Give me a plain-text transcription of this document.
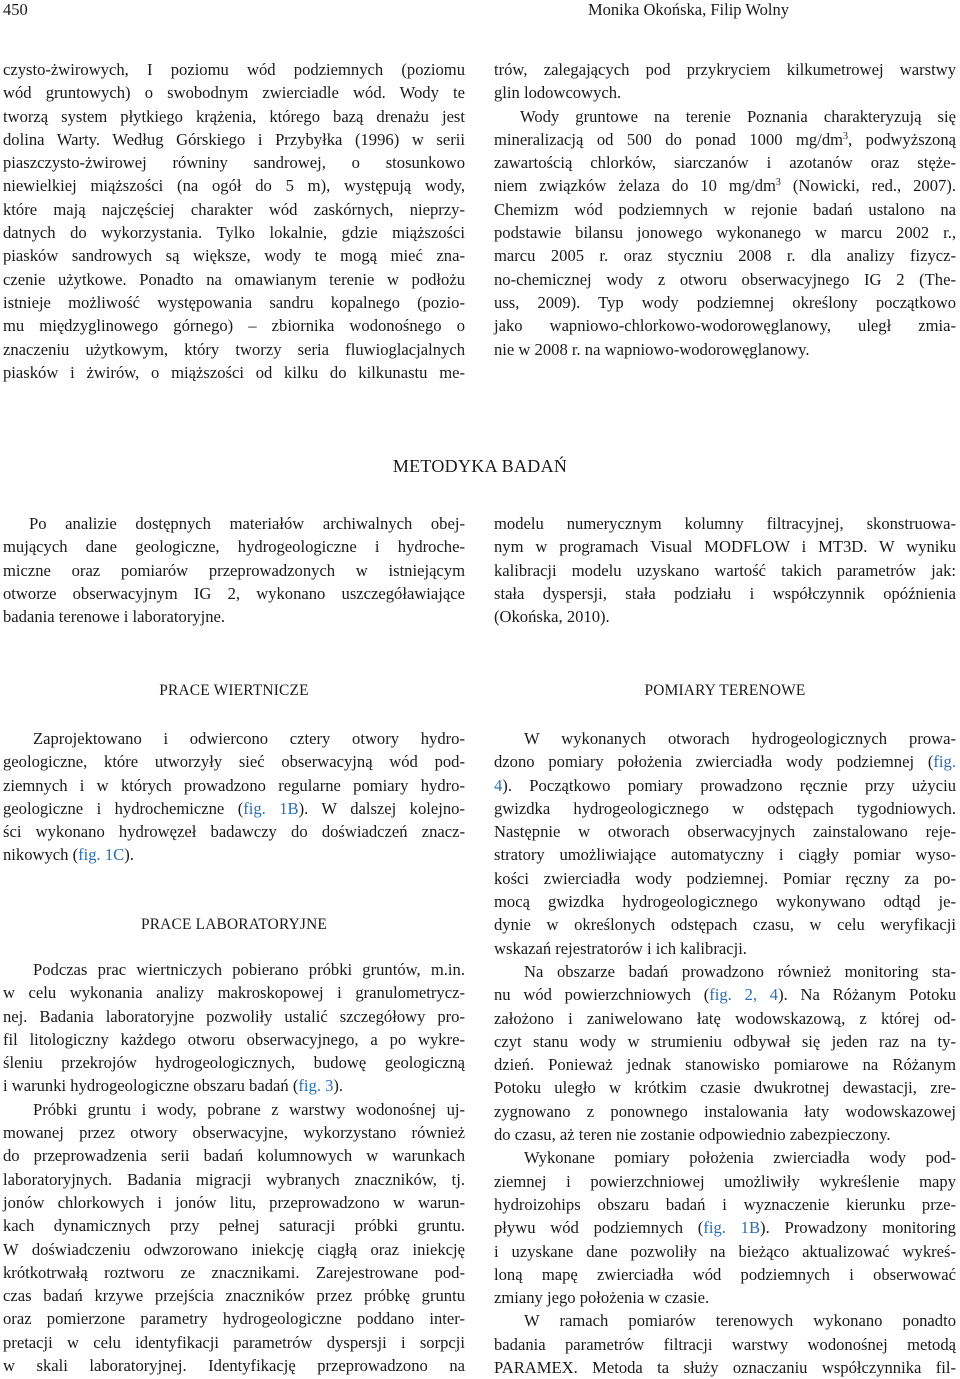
450	Monika Okońska, Filip Wolny
czysto-żwirowych, I poziomu wód podziemnych (poziomu
wód gruntowych) o swobodnym zwierciadle wód. Wody te
tworzą system płytkiego krążenia, którego bazą drenażu jest
dolina Warty. Według Górskiego i Przybyłka (1996) w serii
piaszczysto-żwirowej równiny sandrowej, o stosunkowo
niewielkiej miąższości (na ogół do 5 m), występują wody,
które mają najczęściej charakter wód zaskórnych, nieprzy-
datnych do wykorzystania. Tylko lokalnie, gdzie miąższości
piasków sandrowych są większe, wody te mogą mieć zna-
czenie użytkowe. Ponadto na omawianym terenie w podłożu
istnieje możliwość występowania sandru kopalnego (pozio-
mu międzyglinowego górnego) – zbiornika wodonośnego o
znaczeniu użytkowym, który tworzy seria fluwioglacjalnych
piasków i żwirów, o miąższości od kilku do kilkunastu me-
trów, zalegających pod przykryciem kilkumetrowej warstwy
glin lodowcowych.
Wody gruntowe na terenie Poznania charakteryzują się
mineralizacją od 500 do ponad 1000 $mg/dm^3$, podwyższoną
zawartością chlorków, siarczanów i azotanów oraz stęże-
niem związków żelaza do 10 $mg/dm^3$ (Nowicki, red., 2007).
Chemizm wód podziemnych w rejonie badań ustalono na
podstawie bilansu jonowego wykonanego w marcu 2002 r.,
marcu 2005 r. oraz styczniu 2008 r. dla analizy fizycz-
no-chemicznej wody z otworu obserwacyjnego IG 2 (The-
uss, 2009). Typ wody podziemnej określony początkowo
jako wapniowo-chlorkowo-wodorowęglanowy, uległ zmia-
nie w 2008 r. na wapniowo-wodorowęglanowy.
METODYKA BADAŃ
Po analizie dostępnych materiałów archiwalnych obej-
mujących dane geologiczne, hydrogeologiczne i hydroche-
miczne oraz pomiarów przeprowadzonych w istniejącym
otworze obserwacyjnym IG 2, wykonano uszczegóławiające
badania terenowe i laboratoryjne.
modelu numerycznym kolumny filtracyjnej, skonstruowa-
nym w programach Visual MODFLOW i MT3D. W wyniku
kalibracji modelu uzyskano wartość takich parametrów jak:
stała dyspersji, stała podziału i współczynnik opóźnienia
(Okońska, 2010).
PRACE WIERTNICZE	POMIARY TERENOWE
Zaprojektowano i odwiercono cztery otwory hydro-
geologiczne, które utworzyły sieć obserwacyjną wód pod-
ziemnych i w których prowadzono regularne pomiary hydro-
geologiczne i hydrochemiczne (fig. 1B). W dalszej kolejno-
ści wykonano hydrowęzeł badawczy do doświadczeń znacz-
nikowych (fig. 1C).
PRACE LABORATORYJNE
Podczas prac wiertniczych pobierano próbki gruntów, m.in.
w celu wykonania analizy makroskopowej i granulometrycz-
nej. Badania laboratoryjne pozwoliły ustalić szczegółowy pro-
fil litologiczny każdego otworu obserwacyjnego, a po wykre-
śleniu przekrojów hydrogeologicznych, budowę geologiczną
i warunki hydrogeologiczne obszaru badań (fig. 3).
Próbki gruntu i wody, pobrane z warstwy wodonośnej uj-
mowanej przez otwory obserwacyjne, wykorzystano również
do przeprowadzenia serii badań kolumnowych w warunkach
laboratoryjnych. Badania migracji wybranych znaczników, tj.
jonów chlorkowych i jonów litu, przeprowadzono w warun-
kach dynamicznych przy pełnej saturacji próbki gruntu.
W doświadczeniu odwzorowano iniekcję ciągłą oraz iniekcję
krótkotrwałą roztworu ze znacznikami. Zarejestrowane pod-
czas badań krzywe przejścia znaczników przez próbkę gruntu
oraz pomierzone parametry hydrogeologiczne poddano inter-
pretacji w celu identyfikacji parametrów dyspersji i sorpcji
w skali laboratoryjnej. Identyfikację przeprowadzono na
W wykonanych otworach hydrogeologicznych prowa-
dzono pomiary położenia zwierciadła wody podziemnej (fig.
4). Początkowo pomiary prowadzono ręcznie przy użyciu
gwizdka hydrogeologicznego w odstępach tygodniowych.
Następnie w otworach obserwacyjnych zainstalowano reje-
stratory umożliwiające automatyczny i ciągły pomiar wyso-
kości zwierciadła wody podziemnej. Pomiar ręczny za po-
mocą gwizdka hydrogeologicznego wykonywano odtąd je-
dynie w określonych odstępach czasu, w celu weryfikacji
wskazań rejestratorów i ich kalibracji.
Na obszarze badań prowadzono również monitoring sta-
nu wód powierzchniowych (fig. 2, 4). Na Różanym Potoku
założono i zaniwelowano łatę wodowskazową, z której od-
czyt stanu wody w strumieniu odbywał się jeden raz na ty-
dzień. Ponieważ jednak stanowisko pomiarowe na Różanym
Potoku uległo w krótkim czasie dwukrotnej dewastacji, zre-
zygnowano z ponownego instalowania łaty wodowskazowej
do czasu, aż teren nie zostanie odpowiednio zabezpieczony.
Wykonane pomiary położenia zwierciadła wody pod-
ziemnej i powierzchniowej umożliwiły wykreślenie mapy
hydroizohips obszaru badań i wyznaczenie kierunku prze-
pływu wód podziemnych (fig. 1B). Prowadzony monitoring
i uzyskane dane pozwoliły na bieżąco aktualizować wykreś-
loną mapę zwierciadła wód podziemnych i obserwować
zmiany jego położenia w czasie.
W ramach pomiarów terenowych wykonano ponadto
badania parametrów filtracji warstwy wodonośnej metodą
PARAMEX. Metoda ta służy oznaczaniu współczynnika fil-
